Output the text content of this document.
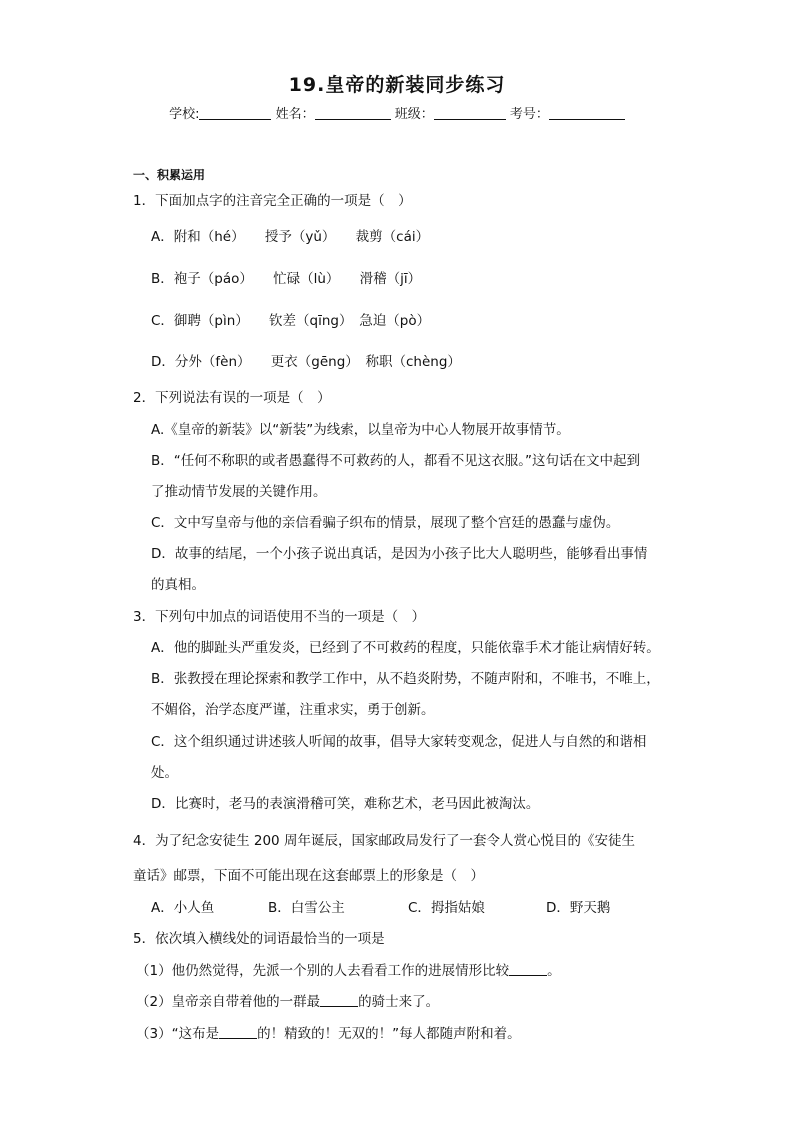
19.皇帝的新装同步练习
学校:	姓名：	班级：	考号：
一、积累运用
1．下面加点字的注音完全正确的一项是（　）
A．附和（hé）　　授予（yǔ）　　裁剪（cái）
B．袍子（páo）　　忙碌（lù）　　滑稽（jī）
C．御聘（pìn）　　钦差（qīng）　急迫（pò）
D．分外（fèn）　　更衣（gēng）　称职（chèng）
2．下列说法有误的一项是（　）
A.《皇帝的新装》以“新装”为线索，以皇帝为中心人物展开故事情节。
B．“任何不称职的或者愚蠢得不可救药的人，都看不见这衣服。”这句话在文中起到
了推动情节发展的关键作用。
C．文中写皇帝与他的亲信看骗子织布的情景，展现了整个宫廷的愚蠢与虚伪。
D．故事的结尾，一个小孩子说出真话，是因为小孩子比大人聪明些，能够看出事情
的真相。
3．下列句中加点的词语使用不当的一项是（　）
A．他的脚趾头严重发炎，已经到了不可救药的程度，只能依靠手术才能让病情好转。
B．张教授在理论探索和教学工作中，从不趋炎附势，不随声附和，不唯书，不唯上，
不媚俗，治学态度严谨，注重求实，勇于创新。
C．这个组织通过讲述骇人听闻的故事，倡导大家转变观念，促进人与自然的和谐相
处。
D．比赛时，老马的表演滑稽可笑，难称艺术，老马因此被淘汰。
4．为了纪念安徒生 200 周年诞辰，国家邮政局发行了一套令人赏心悦目的《安徒生
童话》邮票，下面不可能出现在这套邮票上的形象是（　）
A．小人鱼	B．白雪公主	C．拇指姑娘	D．野天鹅
5．依次填入横线处的词语最恰当的一项是
（1）他仍然觉得，先派一个别的人去看看工作的进展情形比较	。
（2）皇帝亲自带着他的一群最	的骑士来了。
（3）“这布是	的！精致的！无双的！”每人都随声附和着。
